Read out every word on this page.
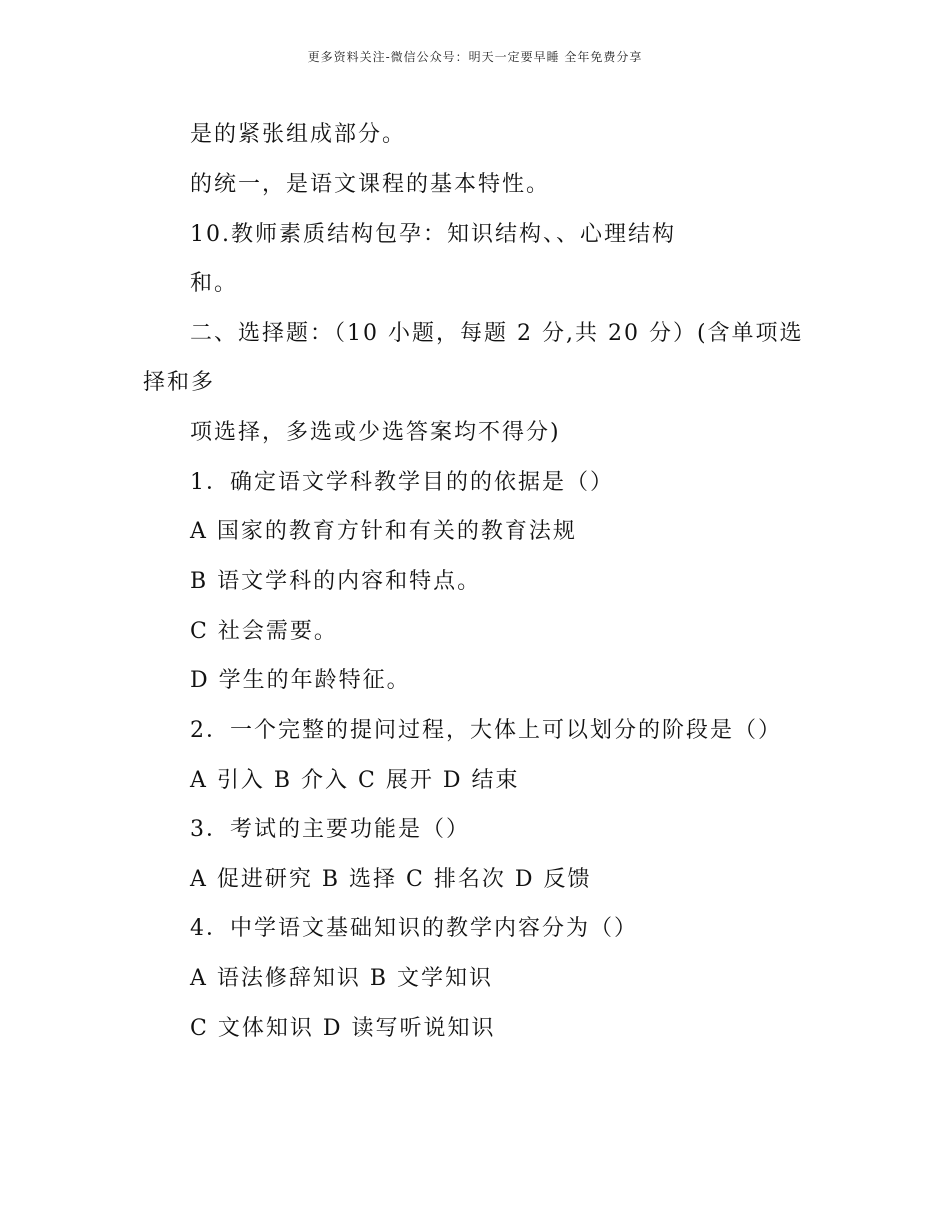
更多资料关注-微信公众号：明天一定要早睡 全年免费分享
是的紧张组成部分。
的统一，是语文课程的基本特性。
10.教师素质结构包孕：知识结构、、心理结构
和。
二、选择题：（10 小题，每题 2 分,共 20 分）(含单项选
择和多
项选择，多选或少选答案均不得分)
1．确定语文学科教学目的的依据是（）
A 国家的教育方针和有关的教育法规
B 语文学科的内容和特点。
C 社会需要。
D 学生的年龄特征。
2．一个完整的提问过程，大体上可以划分的阶段是（）
A 引入 B 介入 C 展开 D 结束
3．考试的主要功能是（）
A 促进研究 B 选择 C 排名次 D 反馈
4．中学语文基础知识的教学内容分为（）
A 语法修辞知识 B 文学知识
C 文体知识 D 读写听说知识
